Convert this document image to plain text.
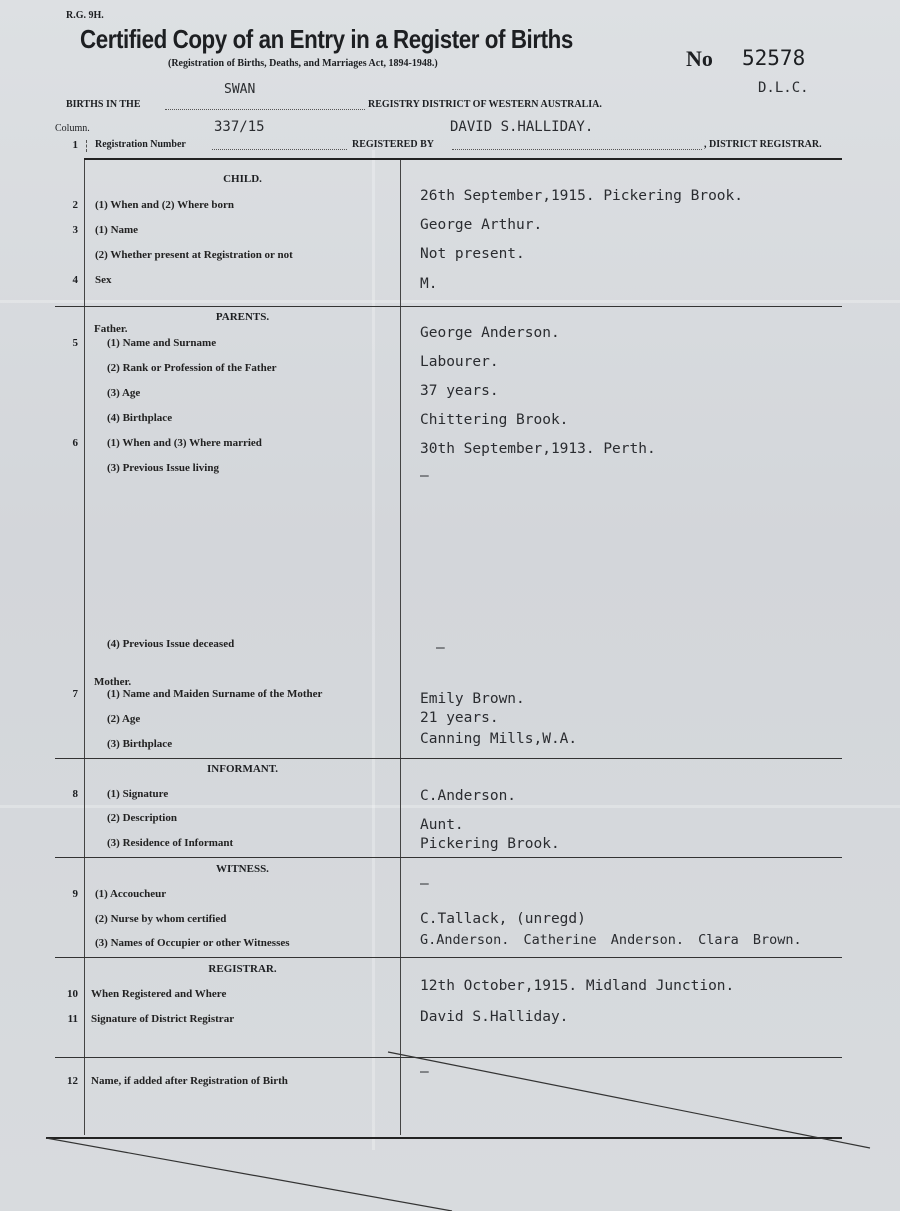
R.G. 9H.
Certified Copy of an Entry in a Register of Births
(Registration of Births, Deaths, and Marriages Act, 1894-1948.)	No 52578
D.L.C.
SWAN
BIRTHS IN THE	REGISTRY DISTRICT OF WESTERN AUSTRALIA.
Column.	337/15	DAVID S.HALLIDAY.
1 Registration Number	REGISTERED BY	, DISTRICT REGISTRAR.
CHILD.
2 (1) When and (2) Where born
26th September,1915. Pickering Brook.
3 (1) Name	George Arthur.
(2) Whether present at Registration or not	Not present.
4 Sex	M.
PARENTS.
Father.
5	(1) Name and Surname
George Anderson.
(2) Rank or Profession of the Father	Labourer.
(3) Age	37 years.
(4) Birthplace	Chittering Brook.
6	(1) When and (3) Where married	30th September,1913. Perth.
(3) Previous Issue living	—
(4) Previous Issue deceased	—
Mother.
7	(1) Name and Maiden Surname of the Mother	Emily Brown.
(2) Age	21 years.
(3) Birthplace	Canning Mills,W.A.
INFORMANT.
8	(1) Signature	C.Anderson.
(2) Description	Aunt.
(3) Residence of Informant	Pickering Brook.
WITNESS.
9 (1) Accoucheur
—
(2) Nurse by whom certified	C.Tallack, (unregd)
(3) Names of Occupier or other Witnesses	G.Anderson. Catherine Anderson. Clara Brown.
REGISTRAR.
10 When Registered and Where	12th October,1915. Midland Junction.
11 Signature of District Registrar	David S.Halliday.
12 Name, if added after Registration of Birth
—
